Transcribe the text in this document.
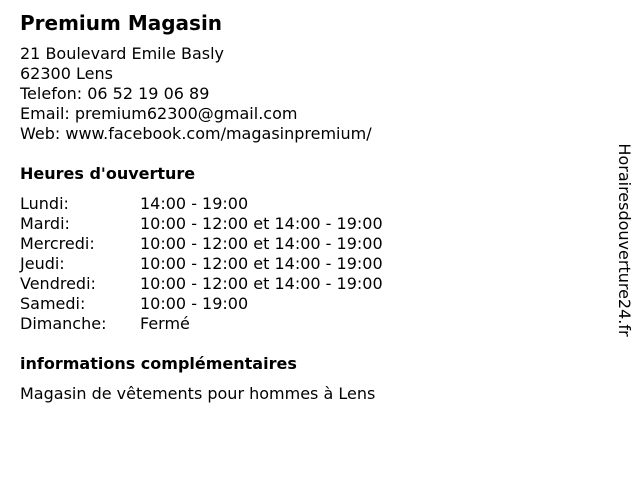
Premium Magasin
21 Boulevard Emile Basly
62300 Lens
Telefon: 06 52 19 06 89
Email: premium62300@gmail.com
Web: www.facebook.com/magasinpremium/
Heures d'ouverture
Lundi:	14:00 - 19:00
Mardi:	10:00 - 12:00 et 14:00 - 19:00
Mercredi:	10:00 - 12:00 et 14:00 - 19:00
Jeudi:	10:00 - 12:00 et 14:00 - 19:00
Vendredi:	10:00 - 12:00 et 14:00 - 19:00
Samedi:	10:00 - 19:00
Dimanche:	Fermé
informations complémentaires
Magasin de vêtements pour hommes à Lens
Horairesdouverture24.fr
